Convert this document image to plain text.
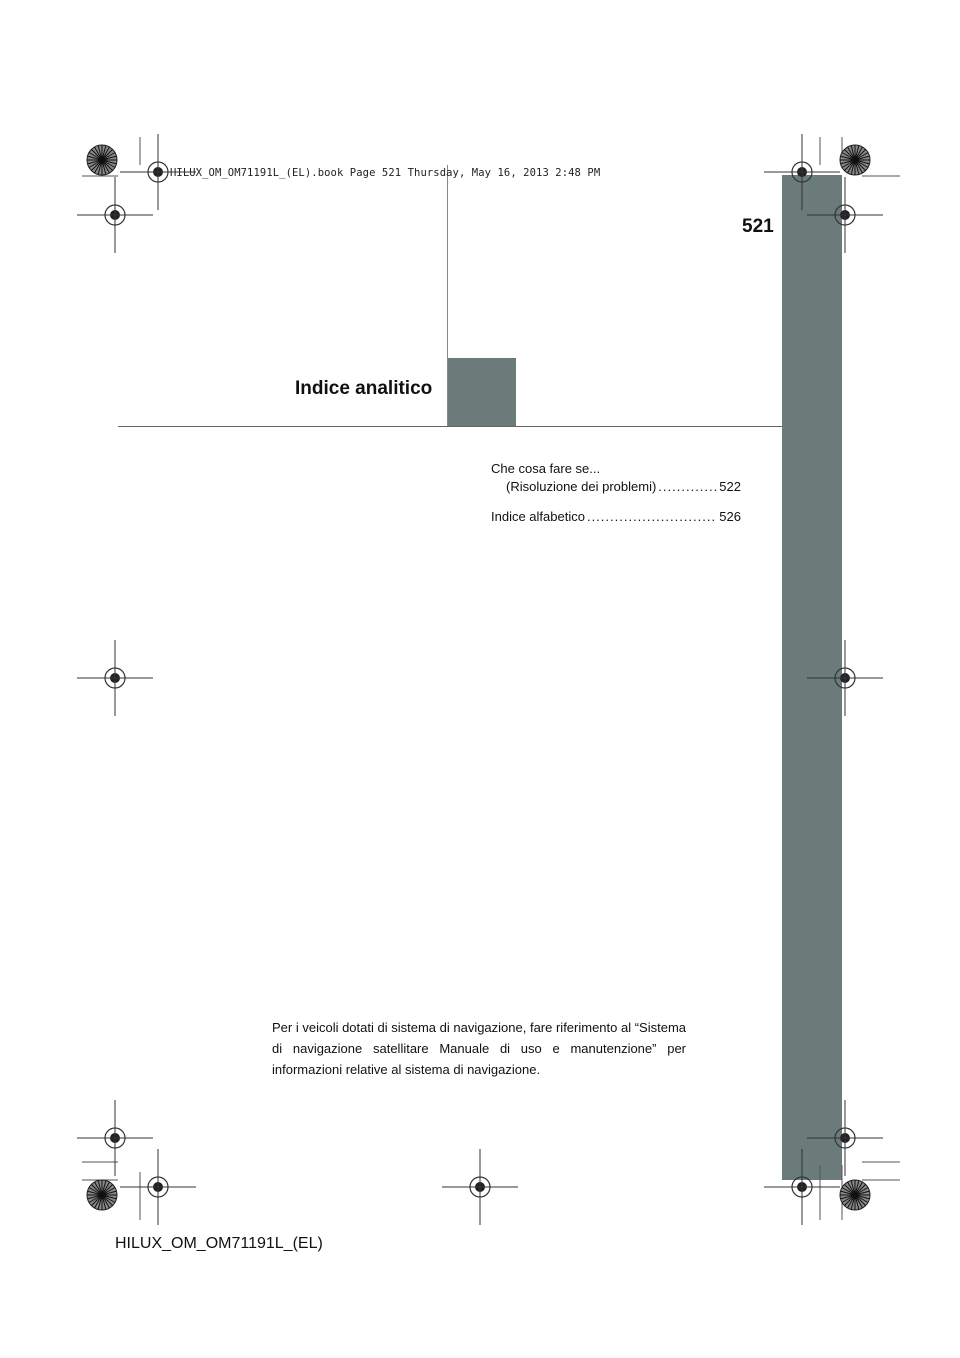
521
HILUX_OM_OM71191L_(EL).book Page 521 Thursday, May 16, 2013 2:48 PM
Indice analitico
Che cosa fare se...
(Risoluzione dei problemi) .....	522
Indice alfabetico .....	526
Per i veicoli dotati di sistema di navigazione, fare riferimento al “Sistema di navigazione satellitare Manuale di uso e manutenzione” per informazioni relative al sistema di navigazione.
HILUX_OM_OM71191L_(EL)
